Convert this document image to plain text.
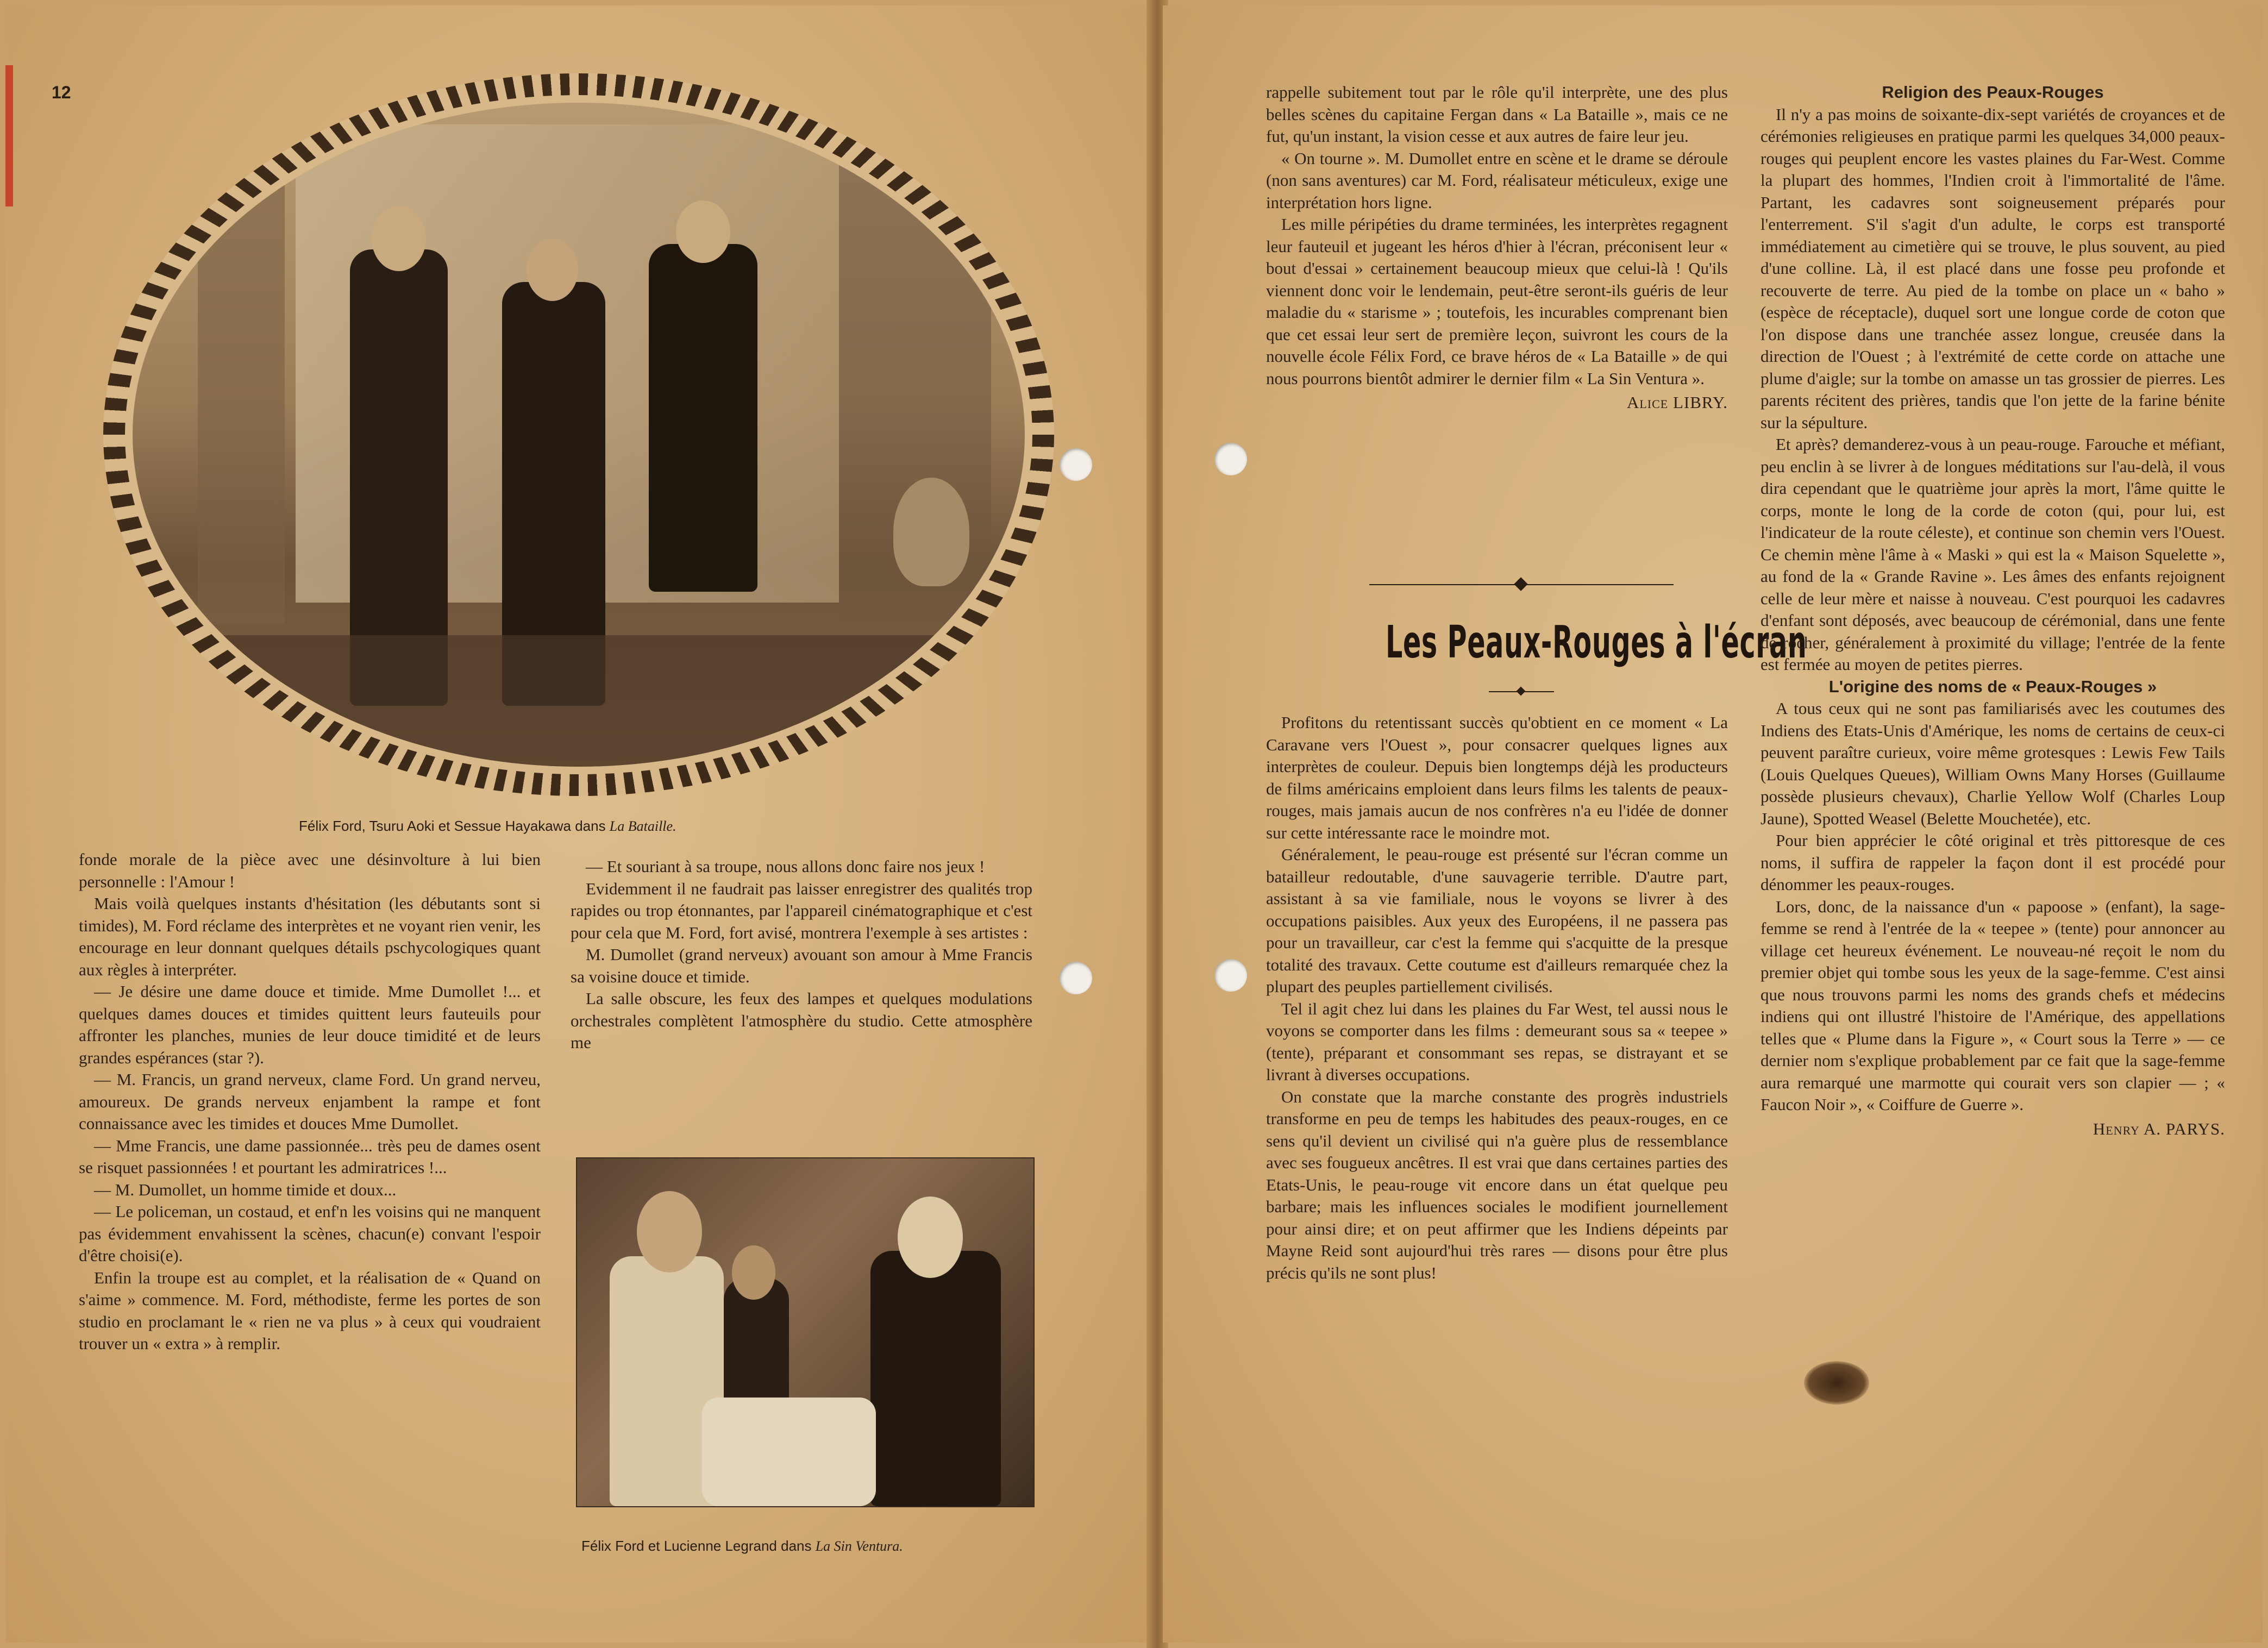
12
Félix Ford, Tsuru Aoki et Sessue Hayakawa dans La Bataille.

fonde morale de la pièce avec une désinvolture à lui bien personnelle : l'Amour !

Mais voilà quelques instants d'hésitation (les débutants sont si timides), M. Ford réclame des interprètes et ne voyant rien venir, les encourage en leur donnant quelques détails pschycologiques quant aux règles à interpréter.

— Je désire une dame douce et timide. Mme Dumollet !... et quelques dames douces et timides quittent leurs fauteuils pour affronter les planches, munies de leur douce timidité et de leurs grandes espérances (star ?).

— M. Francis, un grand nerveux, clame Ford. Un grand nerveu, amoureux. De grands nerveux enjambent la rampe et font connaissance avec les timides et douces Mme Dumollet.

— Mme Francis, une dame passionnée... très peu de dames osent se risquet passionnées ! et pourtant les admiratrices !...

— M. Dumollet, un homme timide et doux...

— Le policeman, un costaud, et enf'n les voisins qui ne manquent pas évidemment envahissent la scènes, chacun(e) convant l'espoir d'être choisi(e).

Enfin la troupe est au complet, et la réalisation de « Quand on s'aime » commence. M. Ford, méthodiste, ferme les portes de son studio en proclamant le « rien ne va plus » à ceux qui voudraient trouver un « extra » à remplir.

— Et souriant à sa troupe, nous allons donc faire nos jeux !

Evidemment il ne faudrait pas laisser enregistrer des qualités trop rapides ou trop étonnantes, par l'appareil cinématographique et c'est pour cela que M. Ford, fort avisé, montrera l'exemple à ses artistes :

M. Dumollet (grand nerveux) avouant son amour à Mme Francis sa voisine douce et timide.

La salle obscure, les feux des lampes et quelques modulations orchestrales complètent l'atmosphère du studio. Cette atmosphère me

Félix Ford et Lucienne Legrand dans La Sin Ventura.

rappelle subitement tout par le rôle qu'il interprète, une des plus belles scènes du capitaine Fergan dans « La Bataille », mais ce ne fut, qu'un instant, la vision cesse et aux autres de faire leur jeu.

« On tourne ». M. Dumollet entre en scène et le drame se déroule (non sans aventures) car M. Ford, réalisateur méticuleux, exige une interprétation hors ligne.

Les mille péripéties du drame terminées, les interprètes regagnent leur fauteuil et jugeant les héros d'hier à l'écran, préconisent leur « bout d'essai » certainement beaucoup mieux que celui-là ! Qu'ils viennent donc voir le lendemain, peut-être seront-ils guéris de leur maladie du « starisme » ; toutefois, les incurables comprenant bien que cet essai leur sert de première leçon, suivront les cours de la nouvelle école Félix Ford, ce brave héros de « La Bataille » de qui nous pourrons bientôt admirer le dernier film « La Sin Ventura ».

Alice LIBRY.
Les Peaux-Rouges à l'écran

Profitons du retentissant succès qu'obtient en ce moment « La Caravane vers l'Ouest », pour consacrer quelques lignes aux interprètes de couleur. Depuis bien longtemps déjà les producteurs de films américains emploient dans leurs films les talents de peaux-rouges, mais jamais aucun de nos confrères n'a eu l'idée de donner sur cette intéressante race le moindre mot.

Généralement, le peau-rouge est présenté sur l'écran comme un batailleur redoutable, d'une sauvagerie terrible. D'autre part, assistant à sa vie familiale, nous le voyons se livrer à des occupations paisibles. Aux yeux des Européens, il ne passera pas pour un travailleur, car c'est la femme qui s'acquitte de la presque totalité des travaux. Cette coutume est d'ailleurs remarquée chez la plupart des peuples partiellement civilisés.

Tel il agit chez lui dans les plaines du Far West, tel aussi nous le voyons se comporter dans les films : demeurant sous sa « teepee » (tente), préparant et consommant ses repas, se distrayant et se livrant à diverses occupations.

On constate que la marche constante des progrès industriels transforme en peu de temps les habitudes des peaux-rouges, en ce sens qu'il devient un civilisé qui n'a guère plus de ressemblance avec ses fougueux ancêtres. Il est vrai que dans certaines parties des Etats-Unis, le peau-rouge vit encore dans un état quelque peu barbare; mais les influences sociales le modifient journellement pour ainsi dire; et on peut affirmer que les Indiens dépeints par Mayne Reid sont aujourd'hui très rares — disons pour être plus précis qu'ils ne sont plus!

Religion des Peaux-Rouges

Il n'y a pas moins de soixante-dix-sept variétés de croyances et de cérémonies religieuses en pratique parmi les quelques 34,000 peaux-rouges qui peuplent encore les vastes plaines du Far-West. Comme la plupart des hommes, l'Indien croit à l'immortalité de l'âme. Partant, les cadavres sont soigneusement préparés pour l'enterrement. S'il s'agit d'un adulte, le corps est transporté immédiatement au cimetière qui se trouve, le plus souvent, au pied d'une colline. Là, il est placé dans une fosse peu profonde et recouverte de terre. Au pied de la tombe on place un « baho » (espèce de réceptacle), duquel sort une longue corde de coton que l'on dispose dans une tranchée assez longue, creusée dans la direction de l'Ouest ; à l'extrémité de cette corde on attache une plume d'aigle; sur la tombe on amasse un tas grossier de pierres. Les parents récitent des prières, tandis que l'on jette de la farine bénite sur la sépulture.

Et après? demanderez-vous à un peau-rouge. Farouche et méfiant, peu enclin à se livrer à de longues méditations sur l'au-delà, il vous dira cependant que le quatrième jour après la mort, l'âme quitte le corps, monte le long de la corde de coton (qui, pour lui, est l'indicateur de la route céleste), et continue son chemin vers l'Ouest. Ce chemin mène l'âme à « Maski » qui est la « Maison Squelette », au fond de la « Grande Ravine ». Les âmes des enfants rejoignent celle de leur mère et naisse à nouveau. C'est pourquoi les cadavres d'enfant sont déposés, avec beaucoup de cérémonial, dans une fente de rocher, généralement à proximité du village; l'entrée de la fente est fermée au moyen de petites pierres.

L'origine des noms de « Peaux-Rouges »

A tous ceux qui ne sont pas familiarisés avec les coutumes des Indiens des Etats-Unis d'Amérique, les noms de certains de ceux-ci peuvent paraître curieux, voire même grotesques : Lewis Few Tails (Louis Quelques Queues), William Owns Many Horses (Guillaume possède plusieurs chevaux), Charlie Yellow Wolf (Charles Loup Jaune), Spotted Weasel (Belette Mouchetée), etc.

Pour bien apprécier le côté original et très pittoresque de ces noms, il suffira de rappeler la façon dont il est procédé pour dénommer les peaux-rouges.

Lors, donc, de la naissance d'un « papoose » (enfant), la sage-femme se rend à l'entrée de la « teepee » (tente) pour annoncer au village cet heureux événement. Le nouveau-né reçoit le nom du premier objet qui tombe sous les yeux de la sage-femme. C'est ainsi que nous trouvons parmi les noms des grands chefs et médecins indiens qui ont illustré l'histoire de l'Amérique, des appellations telles que « Plume dans la Figure », « Court sous la Terre » — ce dernier nom s'explique probablement par ce fait que la sage-femme aura remarqué une marmotte qui courait vers son clapier — ; « Faucon Noir », « Coiffure de Guerre ».

Henry A. PARYS.
